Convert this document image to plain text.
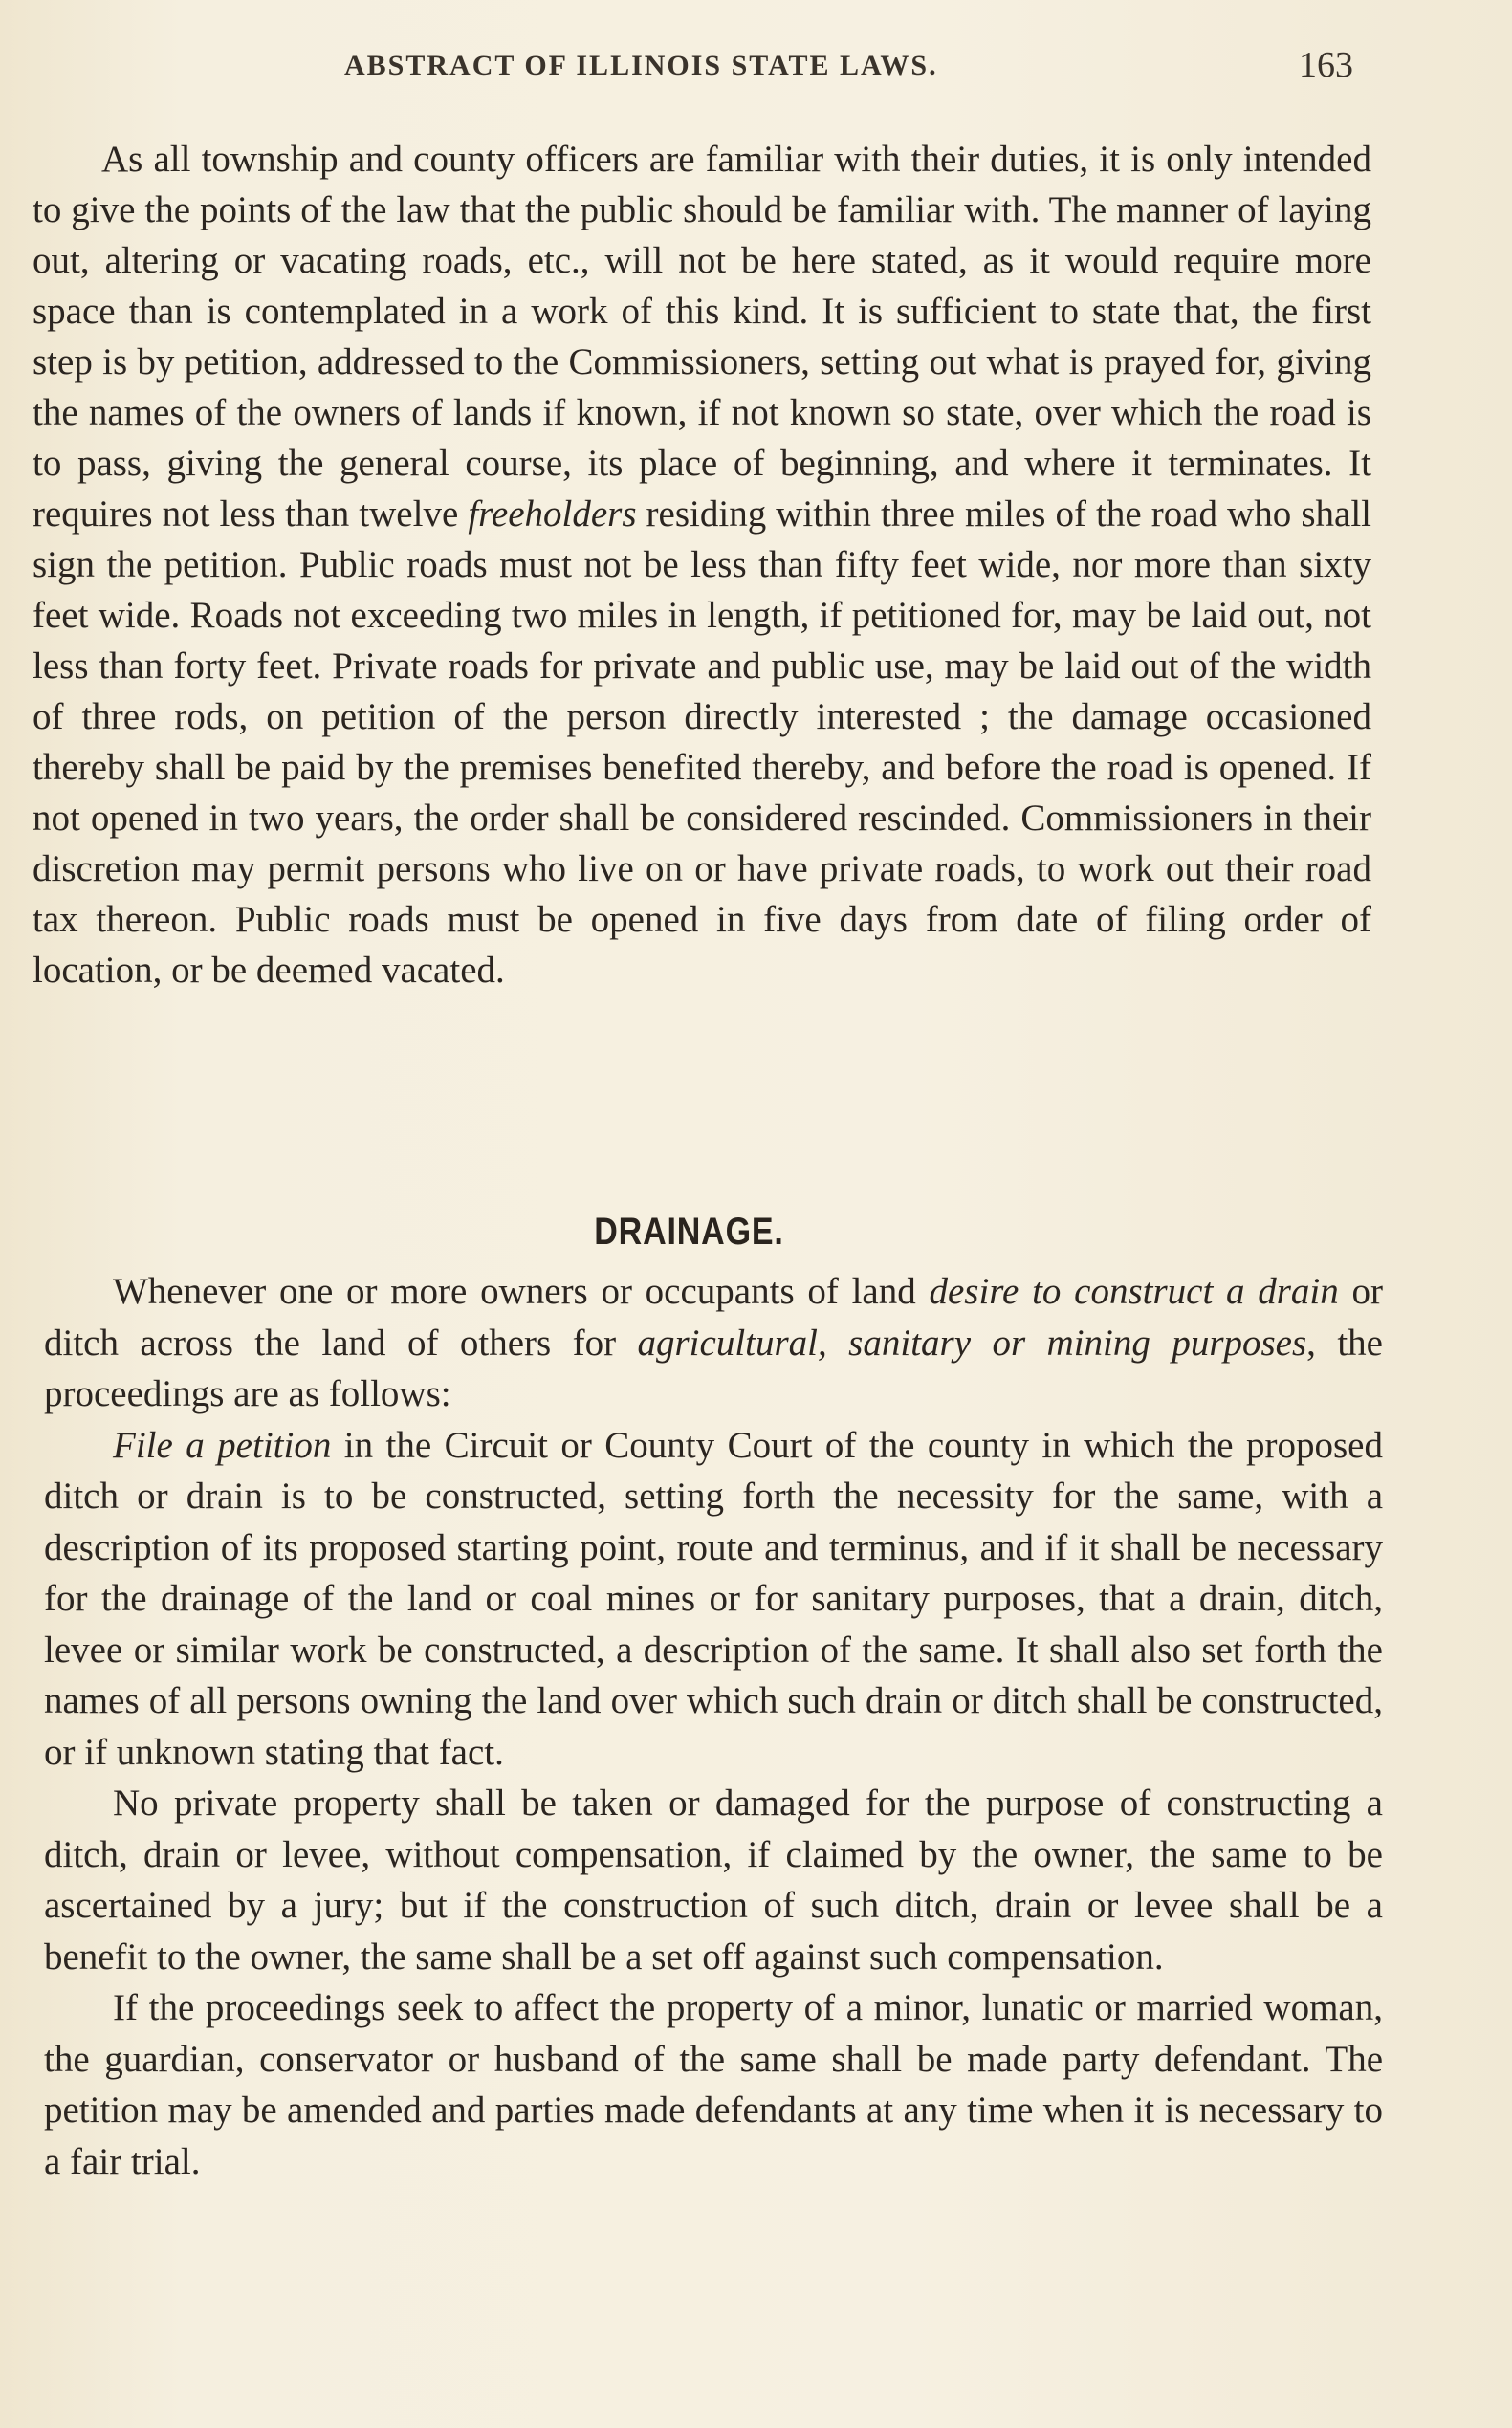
ABSTRACT OF ILLINOIS STATE LAWS.	163

As all township and county officers are familiar with their duties, it is only intended to give the points of the law that the public should be familiar with. The manner of laying out, altering or vacating roads, etc., will not be here stated, as it would require more space than is contemplated in a work of this kind. It is sufficient to state that, the first step is by petition, addressed to the Commissioners, setting out what is prayed for, giving the names of the owners of lands if known, if not known so state, over which the road is to pass, giving the general course, its place of beginning, and where it terminates. It requires not less than twelve freeholders residing within three miles of the road who shall sign the petition. Public roads must not be less than fifty feet wide, nor more than sixty feet wide. Roads not exceeding two miles in length, if petitioned for, may be laid out, not less than forty feet. Private roads for private and public use, may be laid out of the width of three rods, on petition of the person directly interested ; the damage occasioned thereby shall be paid by the premises benefited thereby, and before the road is opened. If not opened in two years, the order shall be considered rescinded. Commissioners in their discretion may permit persons who live on or have private roads, to work out their road tax thereon. Public roads must be opened in five days from date of filing order of location, or be deemed vacated.

DRAINAGE.

Whenever one or more owners or occupants of land desire to construct a drain or ditch across the land of others for agricultural, sanitary or mining purposes, the proceedings are as follows:

File a petition in the Circuit or County Court of the county in which the proposed ditch or drain is to be constructed, setting forth the necessity for the same, with a description of its proposed starting point, route and terminus, and if it shall be necessary for the drainage of the land or coal mines or for sanitary purposes, that a drain, ditch, levee or similar work be constructed, a description of the same. It shall also set forth the names of all persons owning the land over which such drain or ditch shall be constructed, or if unknown stating that fact.

No private property shall be taken or damaged for the purpose of constructing a ditch, drain or levee, without compensation, if claimed by the owner, the same to be ascertained by a jury; but if the construction of such ditch, drain or levee shall be a benefit to the owner, the same shall be a set off against such compensation.

If the proceedings seek to affect the property of a minor, lunatic or married woman, the guardian, conservator or husband of the same shall be made party defendant. The petition may be amended and parties made defendants at any time when it is necessary to a fair trial.
